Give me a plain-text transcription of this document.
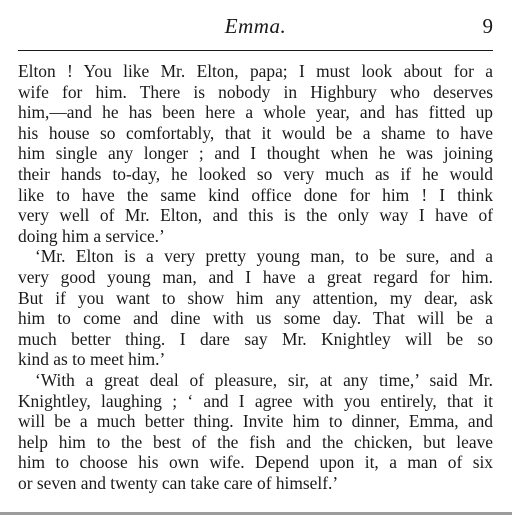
Emma.	9
Elton ! You like Mr. Elton, papa; I must look about for a
wife for him. There is nobody in Highbury who deserves
him,—and he has been here a whole year, and has fitted up
his house so comfortably, that it would be a shame to have
him single any longer ; and I thought when he was joining
their hands to-day, he looked so very much as if he would
like to have the same kind office done for him ! I think
very well of Mr. Elton, and this is the only way I have of
doing him a service.’
‘Mr. Elton is a very pretty young man, to be sure, and a
very good young man, and I have a great regard for him.
But if you want to show him any attention, my dear, ask
him to come and dine with us some day. That will be a
much better thing. I dare say Mr. Knightley will be so
kind as to meet him.’
‘With a great deal of pleasure, sir, at any time,’ said Mr.
Knightley, laughing ; ‘ and I agree with you entirely, that it
will be a much better thing. Invite him to dinner, Emma, and
help him to the best of the fish and the chicken, but leave
him to choose his own wife. Depend upon it, a man of six
or seven and twenty can take care of himself.’
